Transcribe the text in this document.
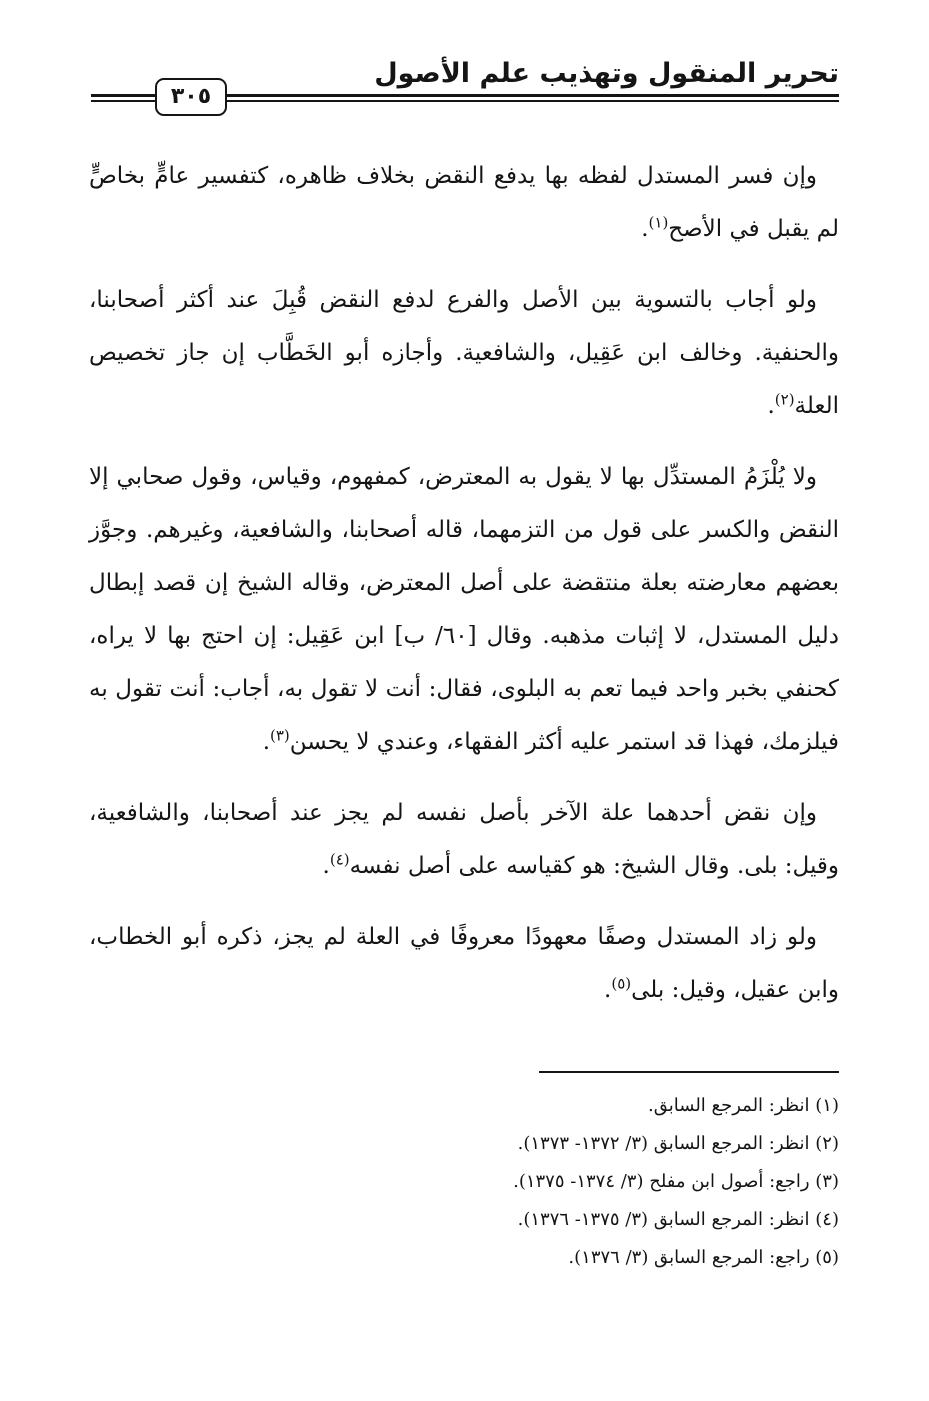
تحرير المنقول وتهذيب علم الأصول
٣٠٥

وإن فسر المستدل لفظه بها يدفع النقض بخلاف ظاهره، كتفسير عامٍّ بخاصٍّ لم يقبل في الأصح$^{(١)}$.

ولو أجاب بالتسوية بين الأصل والفرع لدفع النقض قُبِلَ عند أكثر أصحابنا، والحنفية. وخالف ابن عَقِيل، والشافعية. وأجازه أبو الخَطَّاب إن جاز تخصيص العلة$^{(٢)}$.

ولا يُلْزَمُ المستدِّل بها لا يقول به المعترض، كمفهوم، وقياس، وقول صحابي إلا النقض والكسر على قول من التزمهما، قاله أصحابنا، والشافعية، وغيرهم. وجوَّز بعضهم معارضته بعلة منتقضة على أصل المعترض، وقاله الشيخ إن قصد إبطال دليل المستدل، لا إثبات مذهبه. وقال [٦٠/ ب] ابن عَقِيل: إن احتج بها لا يراه، كحنفي بخبر واحد فيما تعم به البلوى، فقال: أنت لا تقول به، أجاب: أنت تقول به فيلزمك، فهذا قد استمر عليه أكثر الفقهاء، وعندي لا يحسن$^{(٣)}$.

وإن نقض أحدهما علة الآخر بأصل نفسه لم يجز عند أصحابنا، والشافعية، وقيل: بلى. وقال الشيخ: هو كقياسه على أصل نفسه$^{(٤)}$.

ولو زاد المستدل وصفًا معهودًا معروفًا في العلة لم يجز، ذكره أبو الخطاب، وابن عقيل، وقيل: بلى$^{(٥)}$.

(١) انظر: المرجع السابق.
(٢) انظر: المرجع السابق (٣/ ١٣٧٢- ١٣٧٣).
(٣) راجع: أصول ابن مفلح (٣/ ١٣٧٤- ١٣٧٥).
(٤) انظر: المرجع السابق (٣/ ١٣٧٥- ١٣٧٦).
(٥) راجع: المرجع السابق (٣/ ١٣٧٦).
